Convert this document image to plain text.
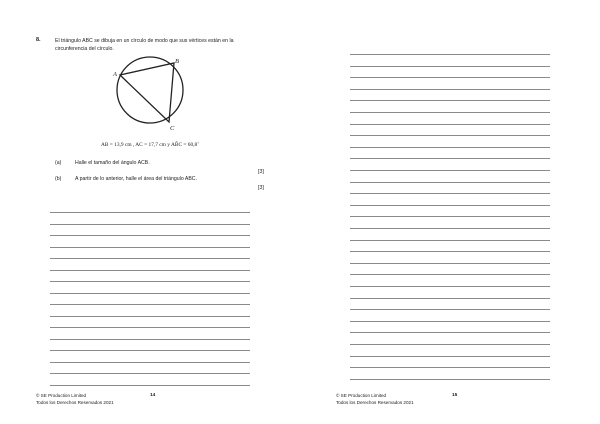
8.	El triángulo ABC se dibuja en un círculo de modo que sus vértices están en la circunferencia del círculo.
A
B
C
AB = 13,9 cm , AC = 17,7 cm y AB̂C = 60,8˚
(a)	Halle el tamaño del ángulo ACB.
[3]
(b)	A partir de lo anterior, halle el área del triángulo ABC.
[3]
© SE Production Limited
Todos los Derechos Reservados 2021
14	© SE Production Limited
Todos los Derechos Reservados 2021
15
